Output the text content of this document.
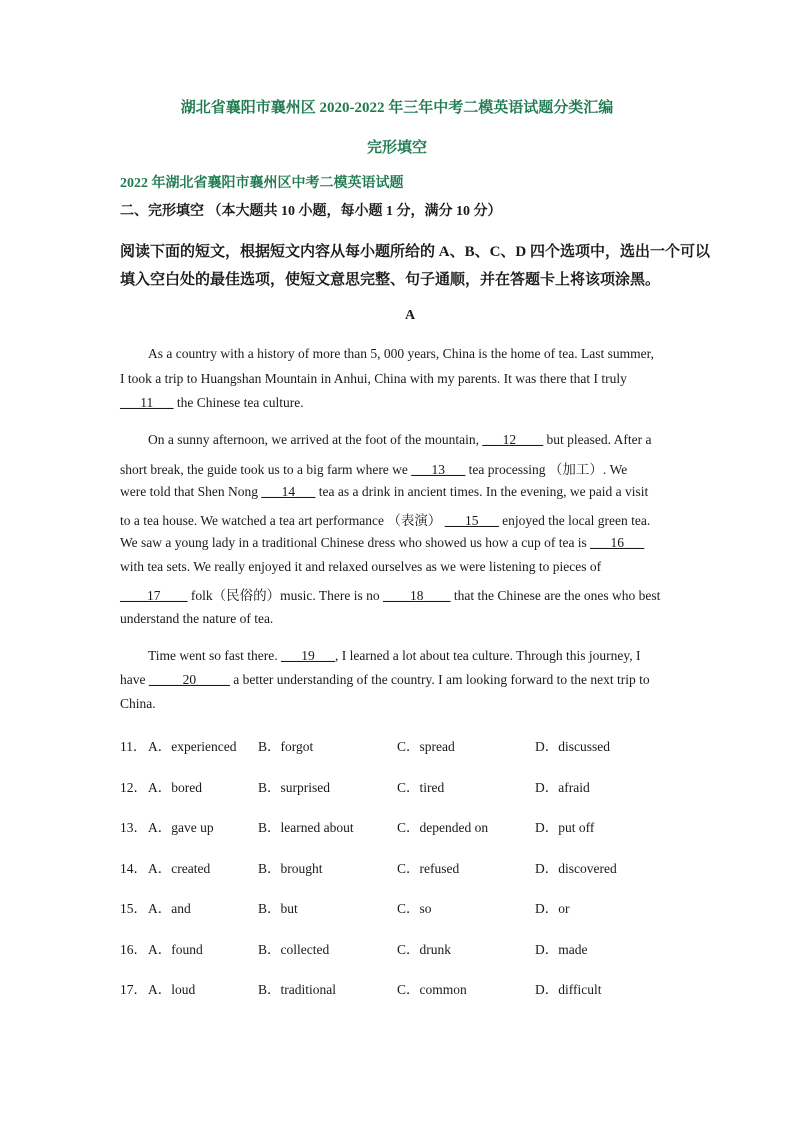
湖北省襄阳市襄州区 2020-2022 年三年中考二模英语试题分类汇编
完形填空
2022 年湖北省襄阳市襄州区中考二模英语试题
二、完形填空 （本大题共 10 小题，每小题 1 分，满分 10 分）
阅读下面的短文，根据短文内容从每小题所给的 A、B、C、D 四个选项中，选出一个可以
填入空白处的最佳选项，使短文意思完整、句子通顺，并在答题卡上将该项涂黑。
A
As a country with a history of more than 5, 000 years, China is the home of tea. Last summer,
I took a trip to Huangshan Mountain in Anhui, China with my parents. It was there that I truly
___11___ the Chinese tea culture.
On a sunny afternoon, we arrived at the foot of the mountain, ___12____ but pleased. After a
short break, the guide took us to a big farm where we ___13___ tea processing （加工）. We
were told that Shen Nong ___14___ tea as a drink in ancient times. In the evening, we paid a visit
to a tea house. We watched a tea art performance （表演） ___15___ enjoyed the local green tea.
We saw a young lady in a traditional Chinese dress who showed us how a cup of tea is ___16___
with tea sets. We really enjoyed it and relaxed ourselves as we were listening to pieces of
____17____ folk（民俗的）music. There is no ____18____ that the Chinese are the ones who best
understand the nature of tea.
Time went so fast there. ___19___, I learned a lot about tea culture. Through this journey, I
have _____20_____ a better understanding of the country. I am looking forward to the next trip to
China.
11． A．experienced B．forgot	C．spread	D．discussed
12． A．bored	B．surprised	C．tired	D．afraid
13． A．gave up	B．learned about	C．depended on	D．put off
14． A．created	B．brought	C．refused	D．discovered
15． A．and	B．but	C．so	D．or
16． A．found	B．collected	C．drunk	D．made
17． A．loud	B．traditional	C．common	D．difficult
